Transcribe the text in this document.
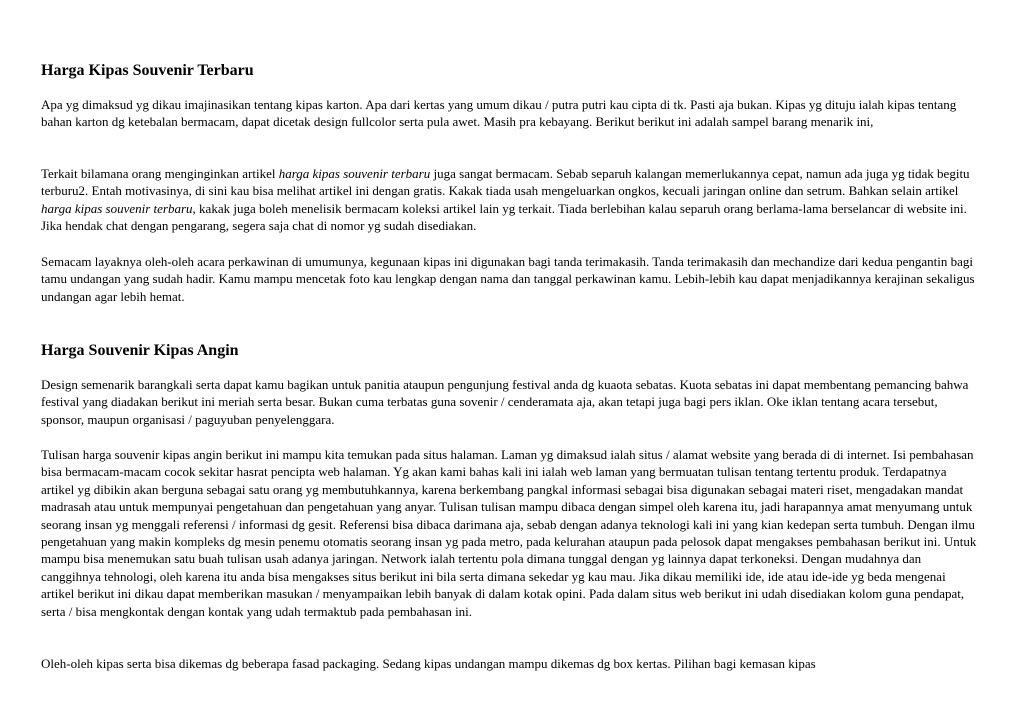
Harga Kipas Souvenir Terbaru

Apa yg dimaksud yg dikau imajinasikan tentang kipas karton. Apa dari kertas yang umum dikau / putra putri kau cipta di tk. Pasti aja bukan. Kipas yg dituju ialah kipas tentang bahan karton dg ketebalan bermacam, dapat dicetak design fullcolor serta pula awet. Masih pra kebayang. Berikut berikut ini adalah sampel barang menarik ini,

Terkait bilamana orang menginginkan artikel harga kipas souvenir terbaru juga sangat bermacam. Sebab separuh kalangan memerlukannya cepat, namun ada juga yg tidak begitu terburu2. Entah motivasinya, di sini kau bisa melihat artikel ini dengan gratis. Kakak tiada usah mengeluarkan ongkos, kecuali jaringan online dan setrum. Bahkan selain artikel harga kipas souvenir terbaru, kakak juga boleh menelisik bermacam koleksi artikel lain yg terkait. Tiada berlebihan kalau separuh orang berlama-lama berselancar di website ini. Jika hendak chat dengan pengarang, segera saja chat di nomor yg sudah disediakan.

Semacam layaknya oleh-oleh acara perkawinan di umumunya, kegunaan kipas ini digunakan bagi tanda terimakasih. Tanda terimakasih dan mechandize dari kedua pengantin bagi tamu undangan yang sudah hadir. Kamu mampu mencetak foto kau lengkap dengan nama dan tanggal perkawinan kamu. Lebih-lebih kau dapat menjadikannya kerajinan sekaligus undangan agar lebih hemat.

Harga Souvenir Kipas Angin

Design semenarik barangkali serta dapat kamu bagikan untuk panitia ataupun pengunjung festival anda dg kuaota sebatas. Kuota sebatas ini dapat membentang pemancing bahwa festival yang diadakan berikut ini meriah serta besar. Bukan cuma terbatas guna sovenir / cenderamata aja, akan tetapi juga bagi pers iklan. Oke iklan tentang acara tersebut, sponsor, maupun organisasi / paguyuban penyelenggara.

Tulisan harga souvenir kipas angin berikut ini mampu kita temukan pada situs halaman. Laman yg dimaksud ialah situs / alamat website yang berada di di internet. Isi pembahasan bisa bermacam-macam cocok sekitar hasrat pencipta web halaman. Yg akan kami bahas kali ini ialah web laman yang bermuatan tulisan tentang tertentu produk. Terdapatnya artikel yg dibikin akan berguna sebagai satu orang yg membutuhkannya, karena berkembang pangkal informasi sebagai bisa digunakan sebagai materi riset, mengadakan mandat madrasah atau untuk mempunyai pengetahuan dan pengetahuan yang anyar. Tulisan tulisan mampu dibaca dengan simpel oleh karena itu, jadi harapannya amat menyumang untuk seorang insan yg menggali referensi / informasi dg gesit. Referensi bisa dibaca darimana aja, sebab dengan adanya teknologi kali ini yang kian kedepan serta tumbuh. Dengan ilmu pengetahuan yang makin kompleks dg mesin penemu otomatis seorang insan yg pada metro, pada kelurahan ataupun pada pelosok dapat mengakses pembahasan berikut ini. Untuk mampu bisa menemukan satu buah tulisan usah adanya jaringan. Network ialah tertentu pola dimana tunggal dengan yg lainnya dapat terkoneksi. Dengan mudahnya dan canggihnya tehnologi, oleh karena itu anda bisa mengakses situs berikut ini bila serta dimana sekedar yg kau mau. Jika dikau memiliki ide, ide atau ide-ide yg beda mengenai artikel berikut ini dikau dapat memberikan masukan / menyampaikan lebih banyak di dalam kotak opini. Pada dalam situs web berikut ini udah disediakan kolom guna pendapat, serta / bisa mengkontak dengan kontak yang udah termaktub pada pembahasan ini.

Oleh-oleh kipas serta bisa dikemas dg beberapa fasad packaging. Sedang kipas undangan mampu dikemas dg box kertas. Pilihan bagi kemasan kipas
